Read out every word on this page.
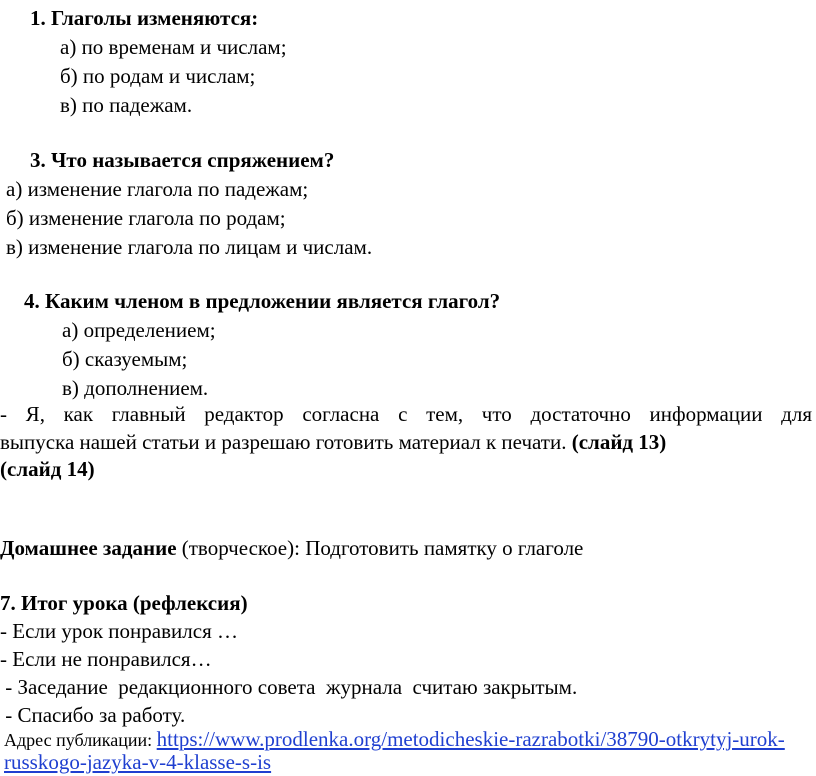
1. Глаголы изменяются:
а) по временам и числам;
б) по родам и числам;
в) по падежам.
3. Что называется спряжением?
а) изменение глагола по падежам;
б) изменение глагола по родам;
в) изменение глагола по лицам и числам.
4. Каким членом в предложении является глагол?
а) определением;
б) сказуемым;
в) дополнением.
- Я, как главный редактор согласна с тем, что достаточно информации для
выпуска нашей статьи и разрешаю готовить материал к печати. (слайд 13)
(слайд 14)
Домашнее задание (творческое): Подготовить памятку о глаголе
7. Итог урока (рефлексия)
- Если урок понравился …
- Если не понравился…
- Заседание  редакционного совета  журнала  считаю закрытым.
- Спасибо за работу.
Адрес публикации: https://www.prodlenka.org/metodicheskie-razrabotki/38790-otkrytyj-urok-
russkogo-jazyka-v-4-klasse-s-is
